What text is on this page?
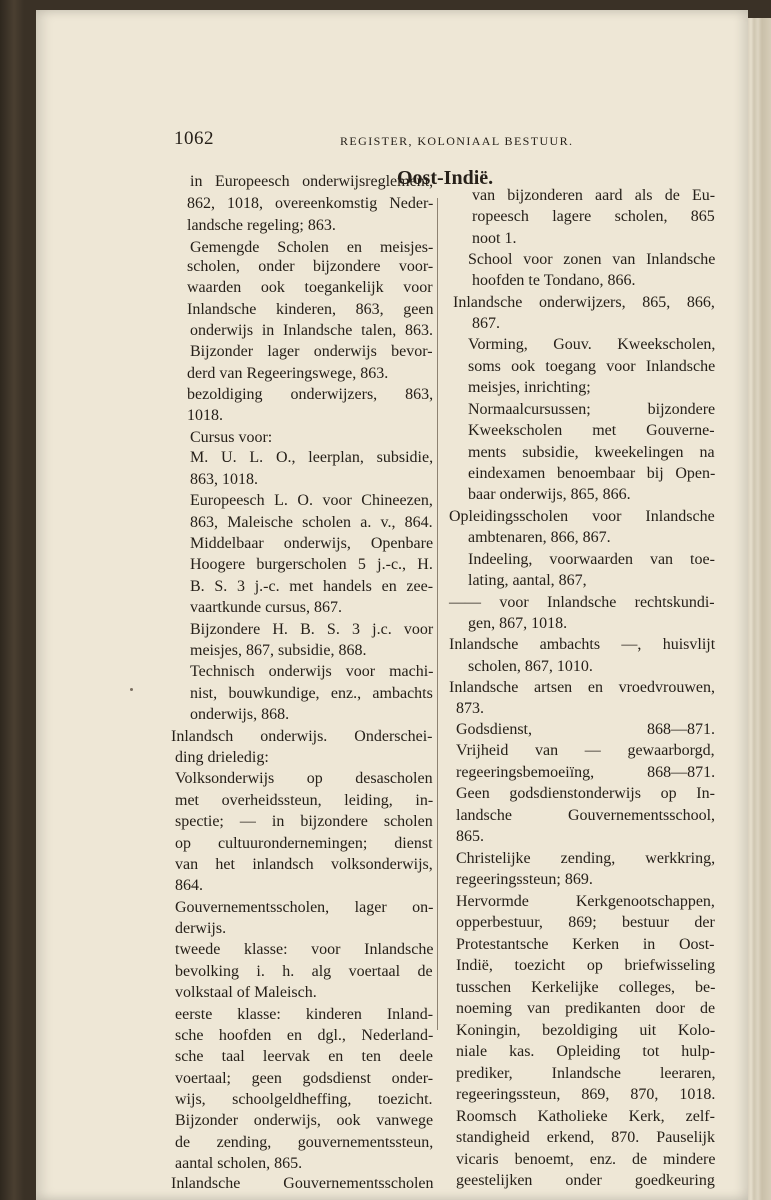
1062	REGISTER, KOLONIAAL BESTUUR.
Oost-Indië.
in Europeesch onderwijsreglement,
862, 1018, overeenkomstig Neder-
landsche regeling; 863.
Gemengde Scholen en meisjes-
scholen, onder bijzondere voor-
waarden ook toegankelijk voor
Inlandsche kinderen, 863, geen
onderwijs in Inlandsche talen, 863.
Bijzonder lager onderwijs bevor-
derd van Regeeringswege, 863.
bezoldiging onderwijzers, 863,
1018.
Cursus voor:
M. U. L. O., leerplan, subsidie,
863, 1018.
Europeesch L. O. voor Chineezen,
863, Maleische scholen a. v., 864.
Middelbaar onderwijs, Openbare
Hoogere burgerscholen 5 j.-c., H.
B. S. 3 j.-c. met handels en zee-
vaartkunde cursus, 867.
Bijzondere H. B. S. 3 j.c. voor
meisjes, 867, subsidie, 868.
Technisch onderwijs voor machi-
nist, bouwkundige, enz., ambachts
onderwijs, 868.
Inlandsch onderwijs. Onderschei-
ding drieledig:
Volksonderwijs op desascholen
met overheidssteun, leiding, in-
spectie; — in bijzondere scholen
op cultuurondernemingen; dienst
van het inlandsch volksonderwijs,
864.
Gouvernementsscholen, lager on-
derwijs.
tweede klasse: voor Inlandsche
bevolking i. h. alg voertaal de
volkstaal of Maleisch.
eerste klasse: kinderen Inland-
sche hoofden en dgl., Nederland-
sche taal leervak en ten deele
voertaal; geen godsdienst onder-
wijs, schoolgeldheffing, toezicht.
Bijzonder onderwijs, ook vanwege
de zending, gouvernementssteun,
aantal scholen, 865.
Inlandsche Gouvernementsscholen
van bijzonderen aard als de Eu-
ropeesch lagere scholen, 865
noot 1.
School voor zonen van Inlandsche
hoofden te Tondano, 866.
Inlandsche onderwijzers, 865, 866,
867.
Vorming, Gouv. Kweekscholen,
soms ook toegang voor Inlandsche
meisjes, inrichting;
Normaalcursussen; bijzondere
Kweekscholen met Gouverne-
ments subsidie, kweekelingen na
eindexamen benoembaar bij Open-
baar onderwijs, 865, 866.
Opleidingsscholen voor Inlandsche
ambtenaren, 866, 867.
Indeeling, voorwaarden van toe-
lating, aantal, 867,
—— voor Inlandsche rechtskundi-
gen, 867, 1018.
Inlandsche ambachts —, huisvlijt
scholen, 867, 1010.
Inlandsche artsen en vroedvrouwen,
873.
Godsdienst, 868—871.
Vrijheid van — gewaarborgd,
regeeringsbemoeiïng, 868—871.
Geen godsdienstonderwijs op In-
landsche Gouvernementsschool,
865.
Christelijke zending, werkkring,
regeeringssteun; 869.
Hervormde Kerkgenootschappen,
opperbestuur, 869; bestuur der
Protestantsche Kerken in Oost-
Indië, toezicht op briefwisseling
tusschen Kerkelijke colleges, be-
noeming van predikanten door de
Koningin, bezoldiging uit Kolo-
niale kas. Opleiding tot hulp-
prediker, Inlandsche leeraren,
regeeringssteun, 869, 870, 1018.
Roomsch Katholieke Kerk, zelf-
standigheid erkend, 870. Pauselijk
vicaris benoemt, enz. de mindere
geestelijken onder goedkeuring
